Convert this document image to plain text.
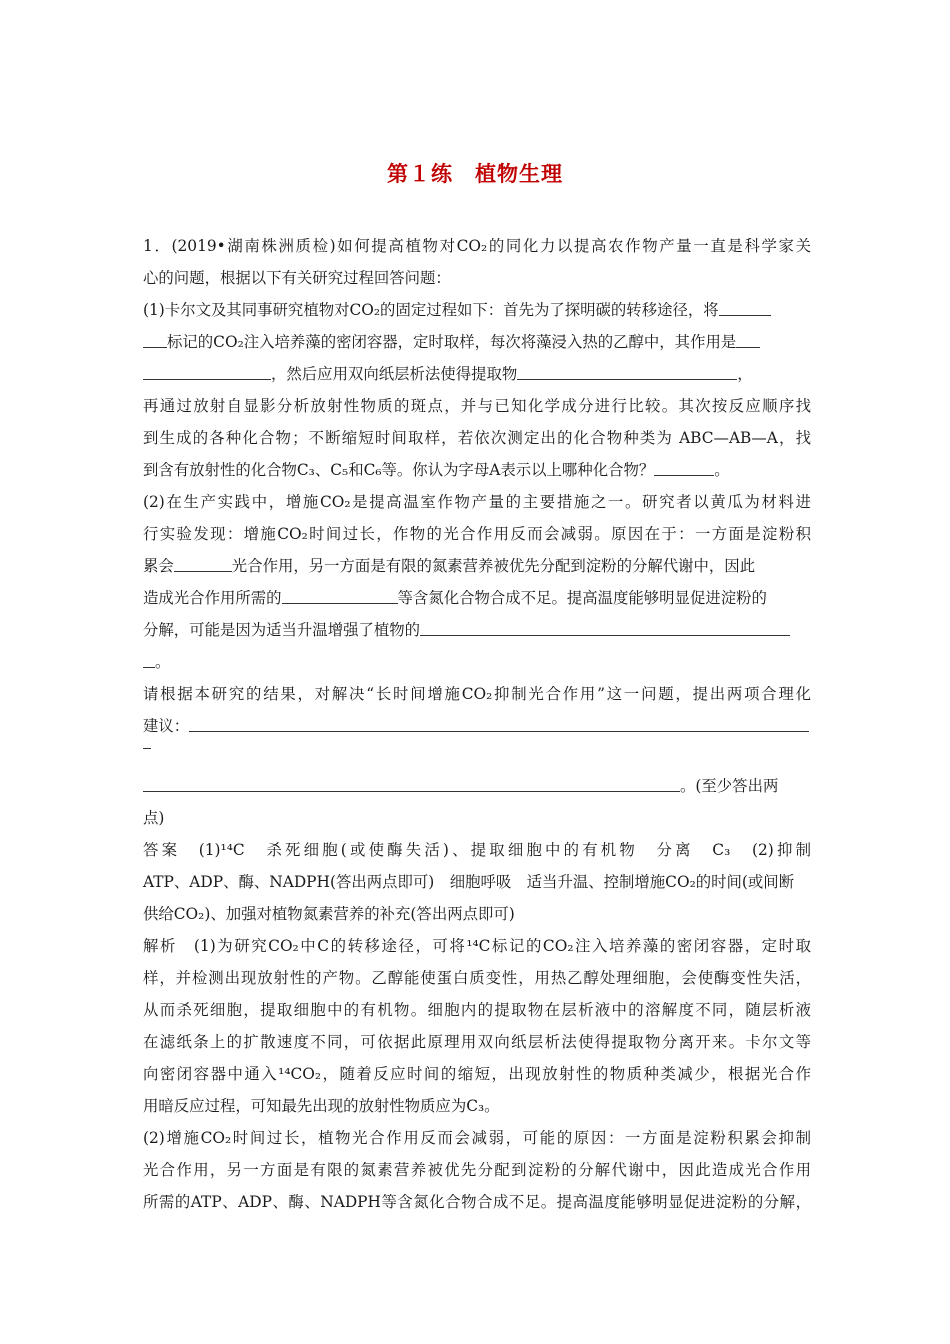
第１练　植物生理
1．(2019•湖南株洲质检)如何提高植物对CO₂的同化力以提高农作物产量一直是科学家关
心的问题，根据以下有关研究过程回答问题：
(1)卡尔文及其同事研究植物对CO₂的固定过程如下：首先为了探明碳的转移途径，将
标记的CO₂注入培养藻的密闭容器，定时取样，每次将藻浸入热的乙醇中，其作用是
，然后应用双向纸层析法使得提取物	，
再通过放射自显影分析放射性物质的斑点，并与已知化学成分进行比较。其次按反应顺序找
到生成的各种化合物；不断缩短时间取样，若依次测定出的化合物种类为 ABC—AB—A，找
到含有放射性的化合物C₃、C₅和C₆等。你认为字母A表示以上哪种化合物？	。
(2)在生产实践中，增施CO₂是提高温室作物产量的主要措施之一。研究者以黄瓜为材料进
行实验发现：增施CO₂时间过长，作物的光合作用反而会减弱。原因在于：一方面是淀粉积
累会	光合作用，另一方面是有限的氮素营养被优先分配到淀粉的分解代谢中，因此
造成光合作用所需的	等含氮化合物合成不足。提高温度能够明显促进淀粉的
分解，可能是因为适当升温增强了植物的
。
请根据本研究的结果，对解决“长时间增施CO₂抑制光合作用”这一问题，提出两项合理化
建议：
。(至少答出两
点)
答案　(1)¹⁴C　杀死细胞(或使酶失活)、提取细胞中的有机物　分离　C₃　(2)抑制
ATP、ADP、酶、NADPH(答出两点即可)　细胞呼吸　适当升温、控制增施CO₂的时间(或间断
供给CO₂)、加强对植物氮素营养的补充(答出两点即可)
解析　(1)为研究CO₂中C的转移途径，可将¹⁴C标记的CO₂注入培养藻的密闭容器，定时取
样，并检测出现放射性的产物。乙醇能使蛋白质变性，用热乙醇处理细胞，会使酶变性失活，
从而杀死细胞，提取细胞中的有机物。细胞内的提取物在层析液中的溶解度不同，随层析液
在滤纸条上的扩散速度不同，可依据此原理用双向纸层析法使得提取物分离开来。卡尔文等
向密闭容器中通入¹⁴CO₂，随着反应时间的缩短，出现放射性的物质种类减少，根据光合作
用暗反应过程，可知最先出现的放射性物质应为C₃。
(2)增施CO₂时间过长，植物光合作用反而会减弱，可能的原因：一方面是淀粉积累会抑制
光合作用，另一方面是有限的氮素营养被优先分配到淀粉的分解代谢中，因此造成光合作用
所需的ATP、ADP、酶、NADPH等含氮化合物合成不足。提高温度能够明显促进淀粉的分解，
